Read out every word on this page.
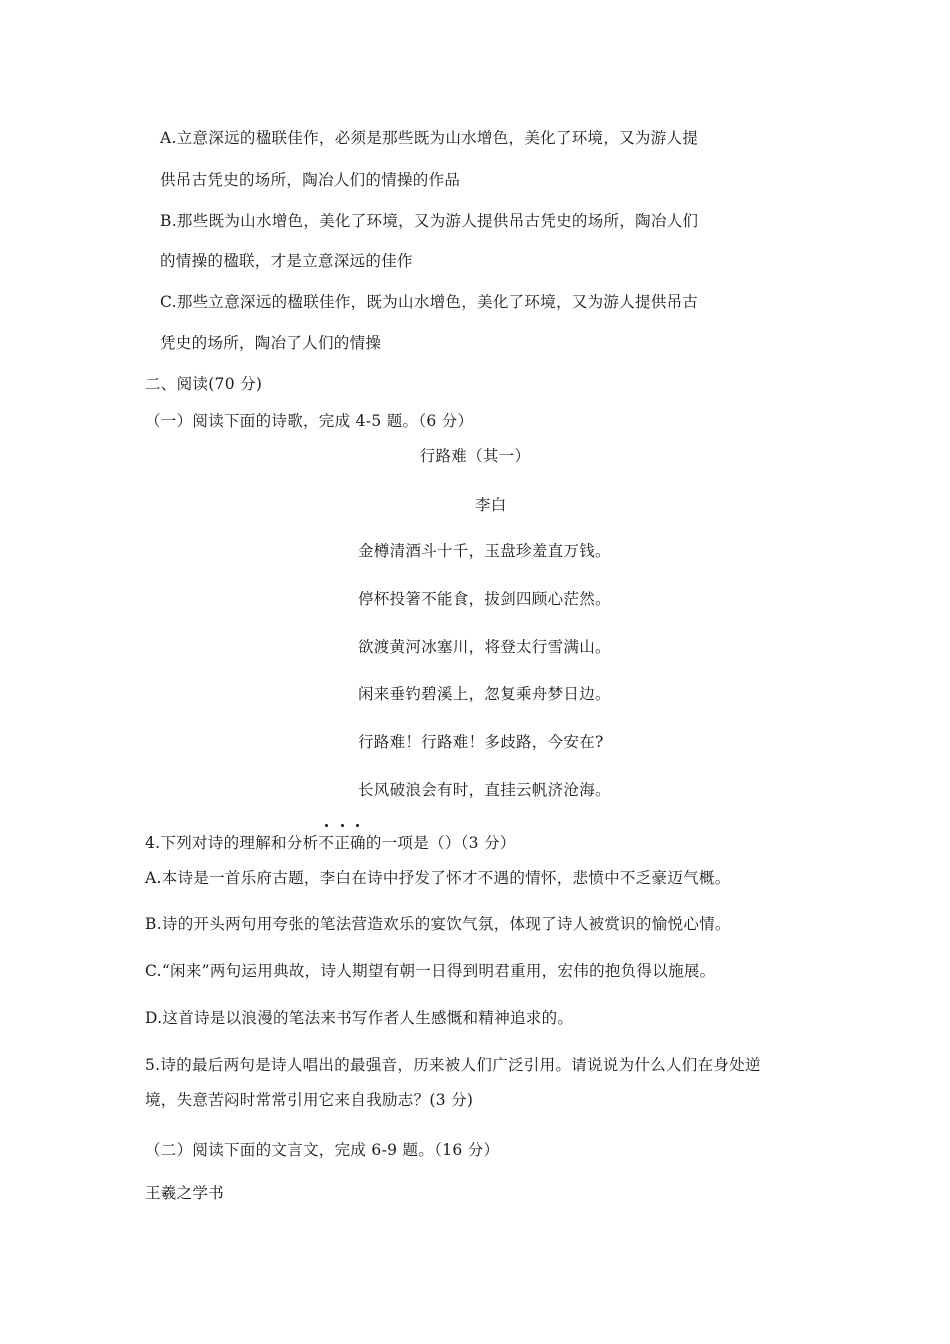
A.立意深远的楹联佳作，必须是那些既为山水增色，美化了环境，又为游人提
供吊古凭史的场所，陶冶人们的情操的作品
B.那些既为山水增色，美化了环境，又为游人提供吊古凭史的场所，陶冶人们
的情操的楹联，才是立意深远的佳作
C.那些立意深远的楹联佳作，既为山水增色，美化了环境，又为游人提供吊古
凭史的场所，陶冶了人们的情操
二、阅读(70 分)
（一）阅读下面的诗歌，完成 4-5 题。（6 分）
行路难（其一）
李白
金樽清酒斗十千，玉盘珍羞直万钱。
停杯投箸不能食，拔剑四顾心茫然。
欲渡黄河冰塞川，将登太行雪满山。
闲来垂钓碧溪上，忽复乘舟梦日边。
行路难！行路难！多歧路，今安在?
长风破浪会有时，直挂云帆济沧海。
4.下列对诗的理解和分析不正确的一项是（）（3 分）
A.本诗是一首乐府古题，李白在诗中抒发了怀才不遇的情怀，悲愤中不乏豪迈气概。
B.诗的开头两句用夸张的笔法营造欢乐的宴饮气氛，体现了诗人被赏识的愉悦心情。
C.“闲来”两句运用典故，诗人期望有朝一日得到明君重用，宏伟的抱负得以施展。
D.这首诗是以浪漫的笔法来书写作者人生感慨和精神追求的。
5.诗的最后两句是诗人唱出的最强音，历来被人们广泛引用。请说说为什么人们在身处逆
境，失意苦闷时常常引用它来自我励志？(3 分)
（二）阅读下面的文言文，完成 6-9 题。（16 分）
王羲之学书
